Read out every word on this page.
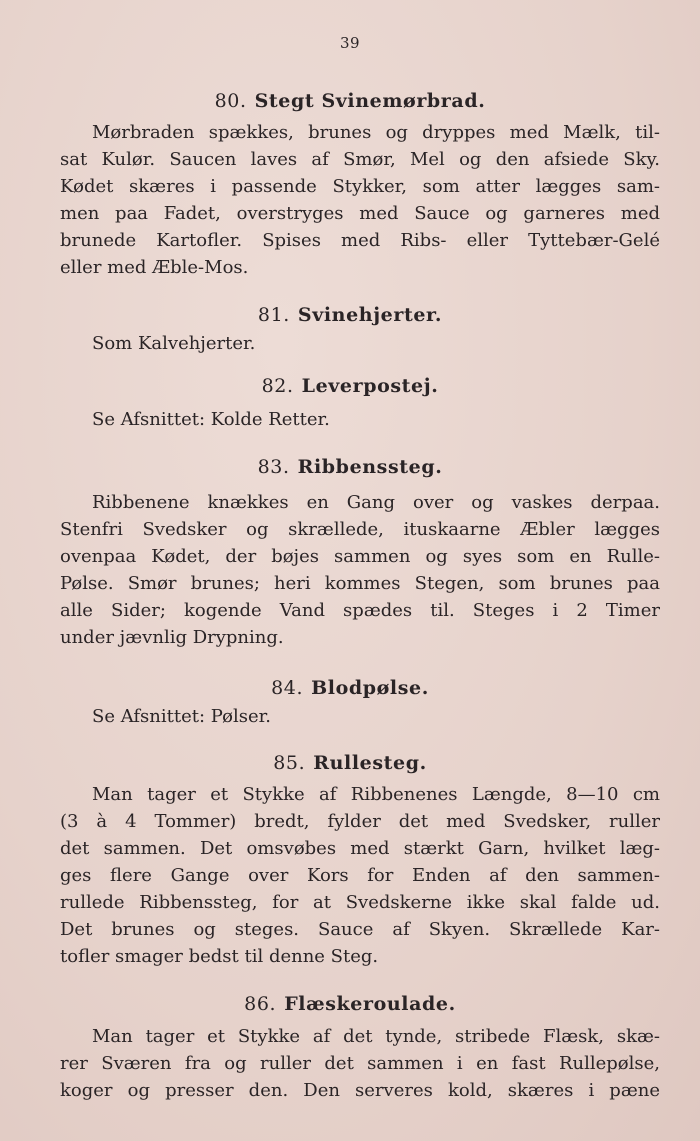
39
80. Stegt Svinemørbrad.
Mørbraden spækkes, brunes og dryppes med Mælk, til-
sat Kulør. Saucen laves af Smør, Mel og den afsiede Sky.
Kødet skæres i passende Stykker, som atter lægges sam-
men paa Fadet, overstryges med Sauce og garneres med
brunede Kartofler. Spises med Ribs- eller Tyttebær-Gelé
eller med Æble-Mos.
81. Svinehjerter.
Som Kalvehjerter.
82. Leverpostej.
Se Afsnittet: Kolde Retter.
83. Ribbenssteg.
Ribbenene knækkes en Gang over og vaskes derpaa.
Stenfri Svedsker og skrællede, ituskaarne Æbler lægges
ovenpaa Kødet, der bøjes sammen og syes som en Rulle-
Pølse. Smør brunes; heri kommes Stegen, som brunes paa
alle Sider; kogende Vand spædes til. Steges i 2 Timer
under jævnlig Drypning.
84. Blodpølse.
Se Afsnittet: Pølser.
85. Rullesteg.
Man tager et Stykke af Ribbenenes Længde, 8—10 cm
(3 à 4 Tommer) bredt, fylder det med Svedsker, ruller
det sammen. Det omsvøbes med stærkt Garn, hvilket læg-
ges flere Gange over Kors for Enden af den sammen-
rullede Ribbenssteg, for at Svedskerne ikke skal falde ud.
Det brunes og steges. Sauce af Skyen. Skrællede Kar-
tofler smager bedst til denne Steg.
86. Flæskeroulade.
Man tager et Stykke af det tynde, stribede Flæsk, skæ-
rer Sværen fra og ruller det sammen i en fast Rullepølse,
koger og presser den. Den serveres kold, skæres i pæne
